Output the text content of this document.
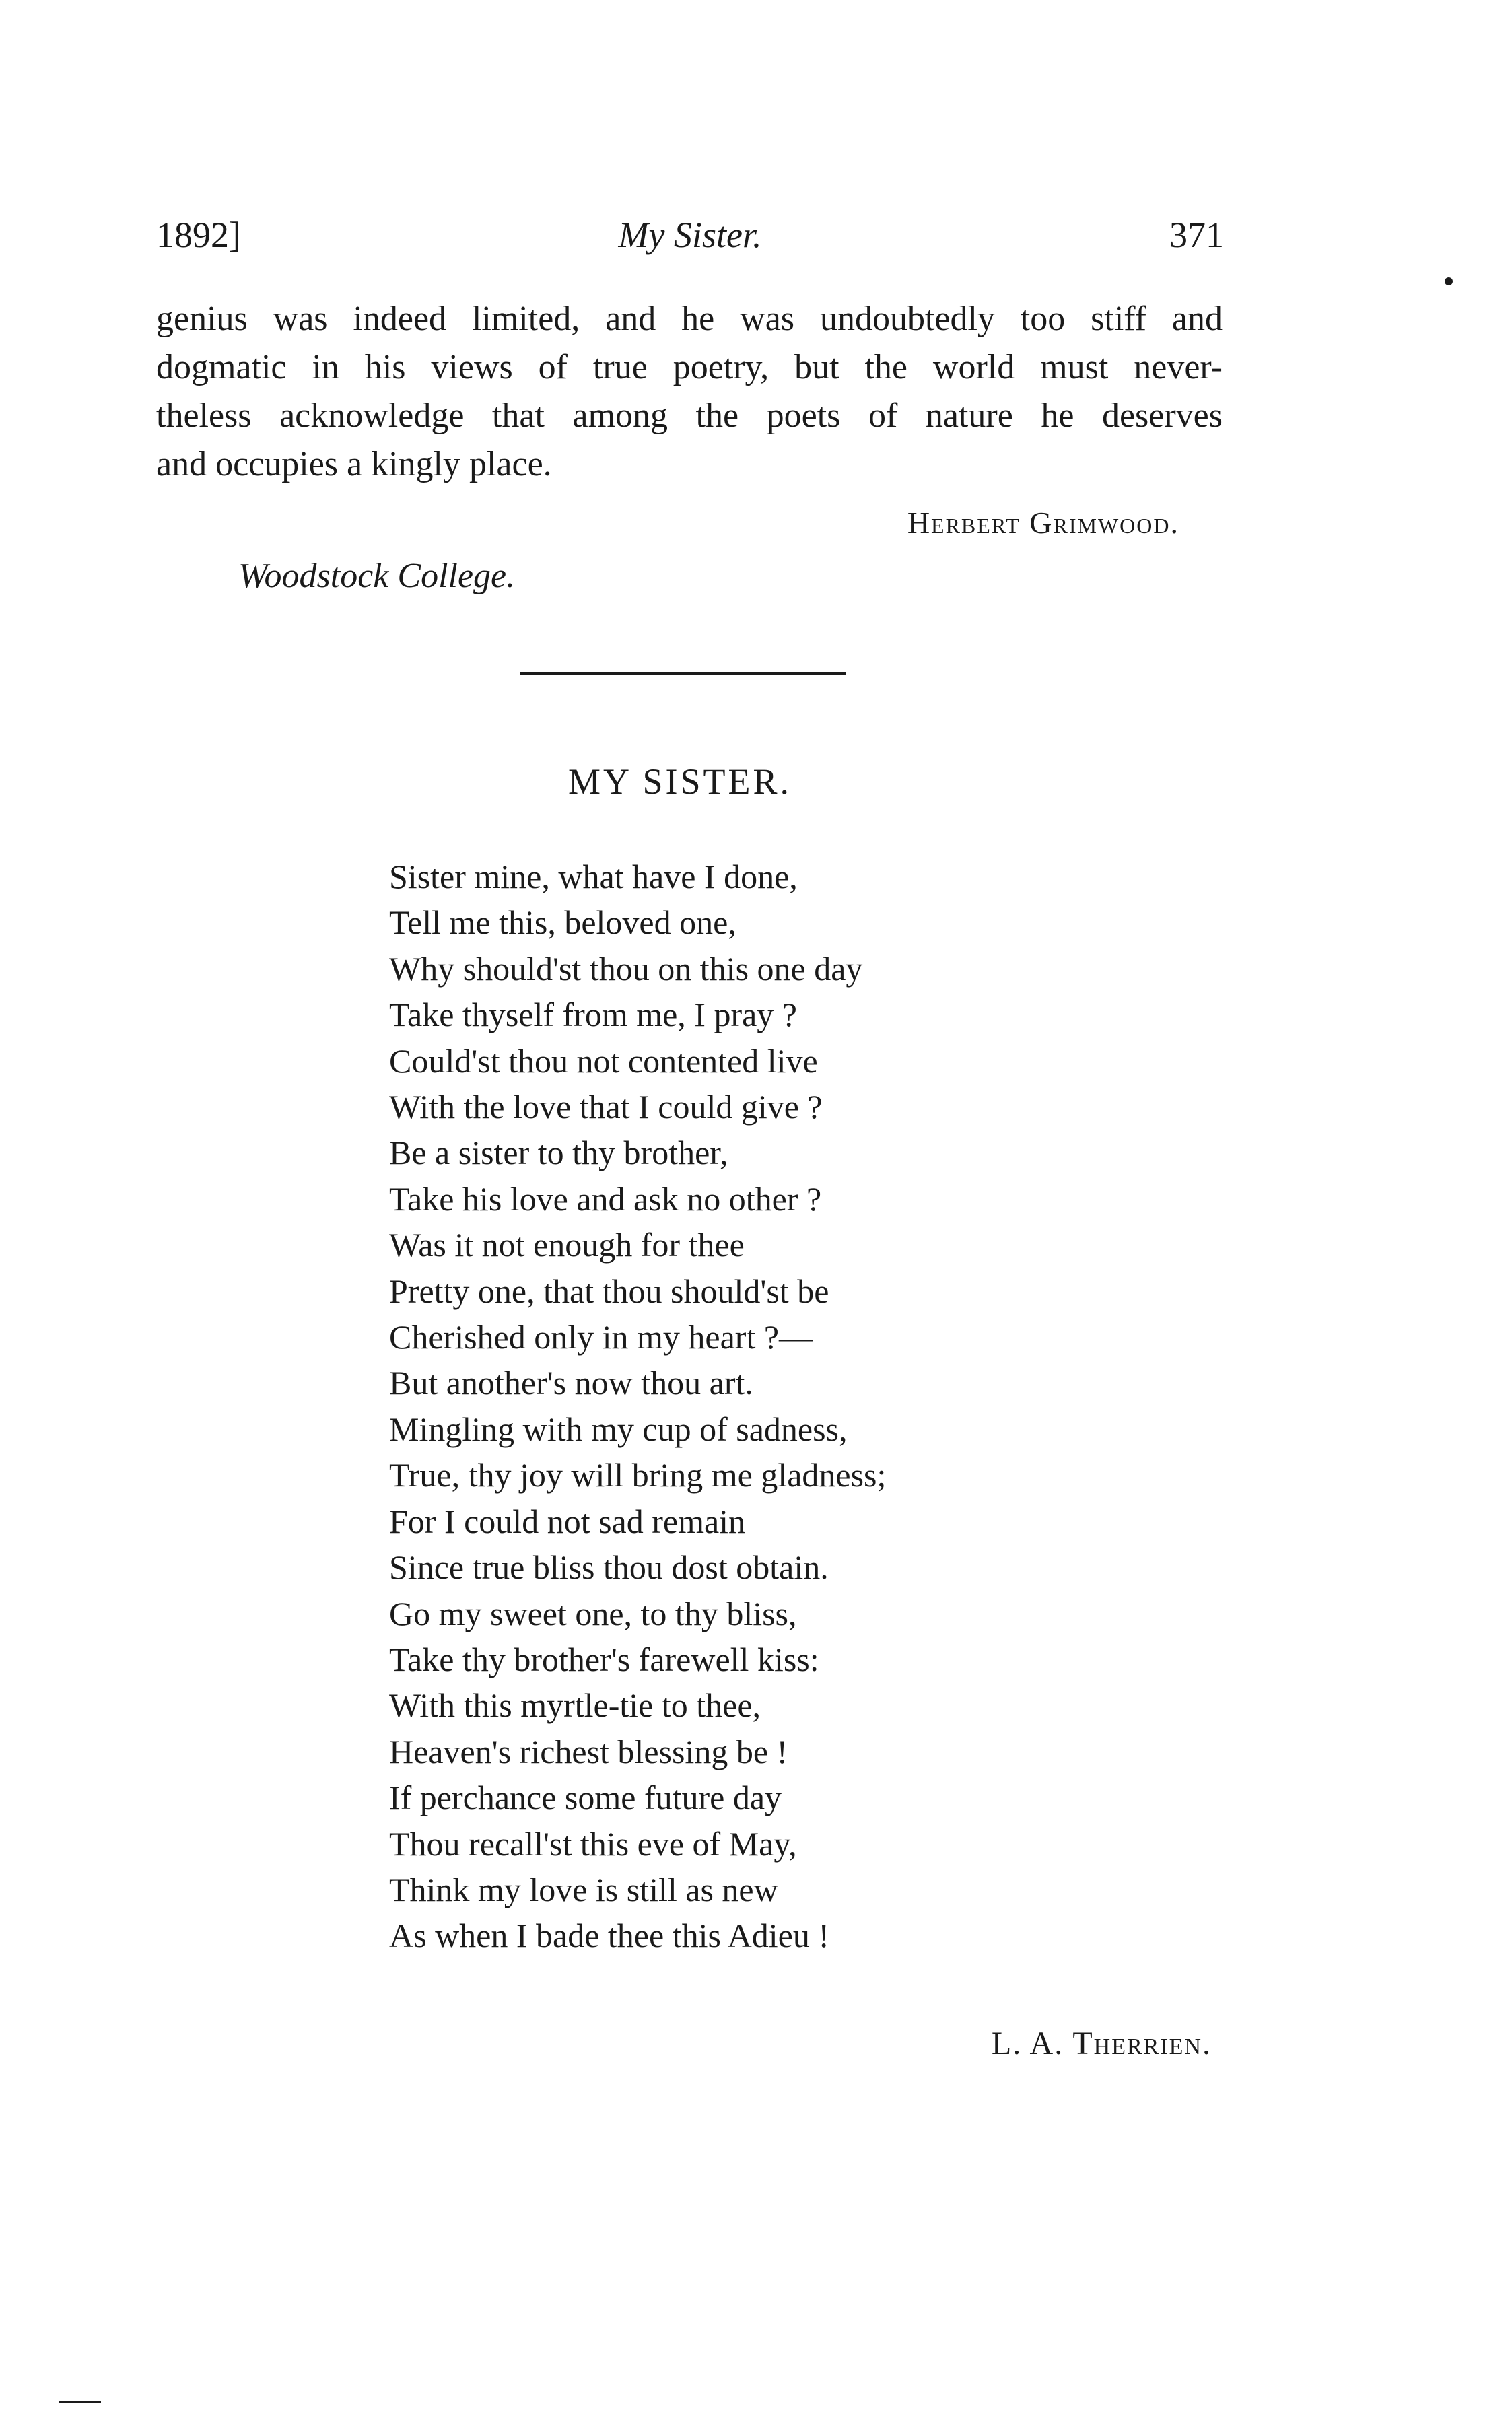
1892]	My Sister.	371
genius was indeed limited, and he was undoubtedly too stiff and
dogmatic in his views of true poetry, but the world must never-
theless acknowledge that among the poets of nature he deserves
and occupies a kingly place.
Herbert Grimwood.
Woodstock College.
MY SISTER.
Sister mine, what have I done,
Tell me this, beloved one,
Why should'st thou on this one day
Take thyself from me, I pray ?
Could'st thou not contented live
With the love that I could give ?
Be a sister to thy brother,
Take his love and ask no other ?
Was it not enough for thee
Pretty one, that thou should'st be
Cherished only in my heart ?—
But another's now thou art.
Mingling with my cup of sadness,
True, thy joy will bring me gladness;
For I could not sad remain
Since true bliss thou dost obtain.
Go my sweet one, to thy bliss,
Take thy brother's farewell kiss:
With this myrtle-tie to thee,
Heaven's richest blessing be !
If perchance some future day
Thou recall'st this eve of May,
Think my love is still as new
As when I bade thee this Adieu !
L. A. Therrien.
